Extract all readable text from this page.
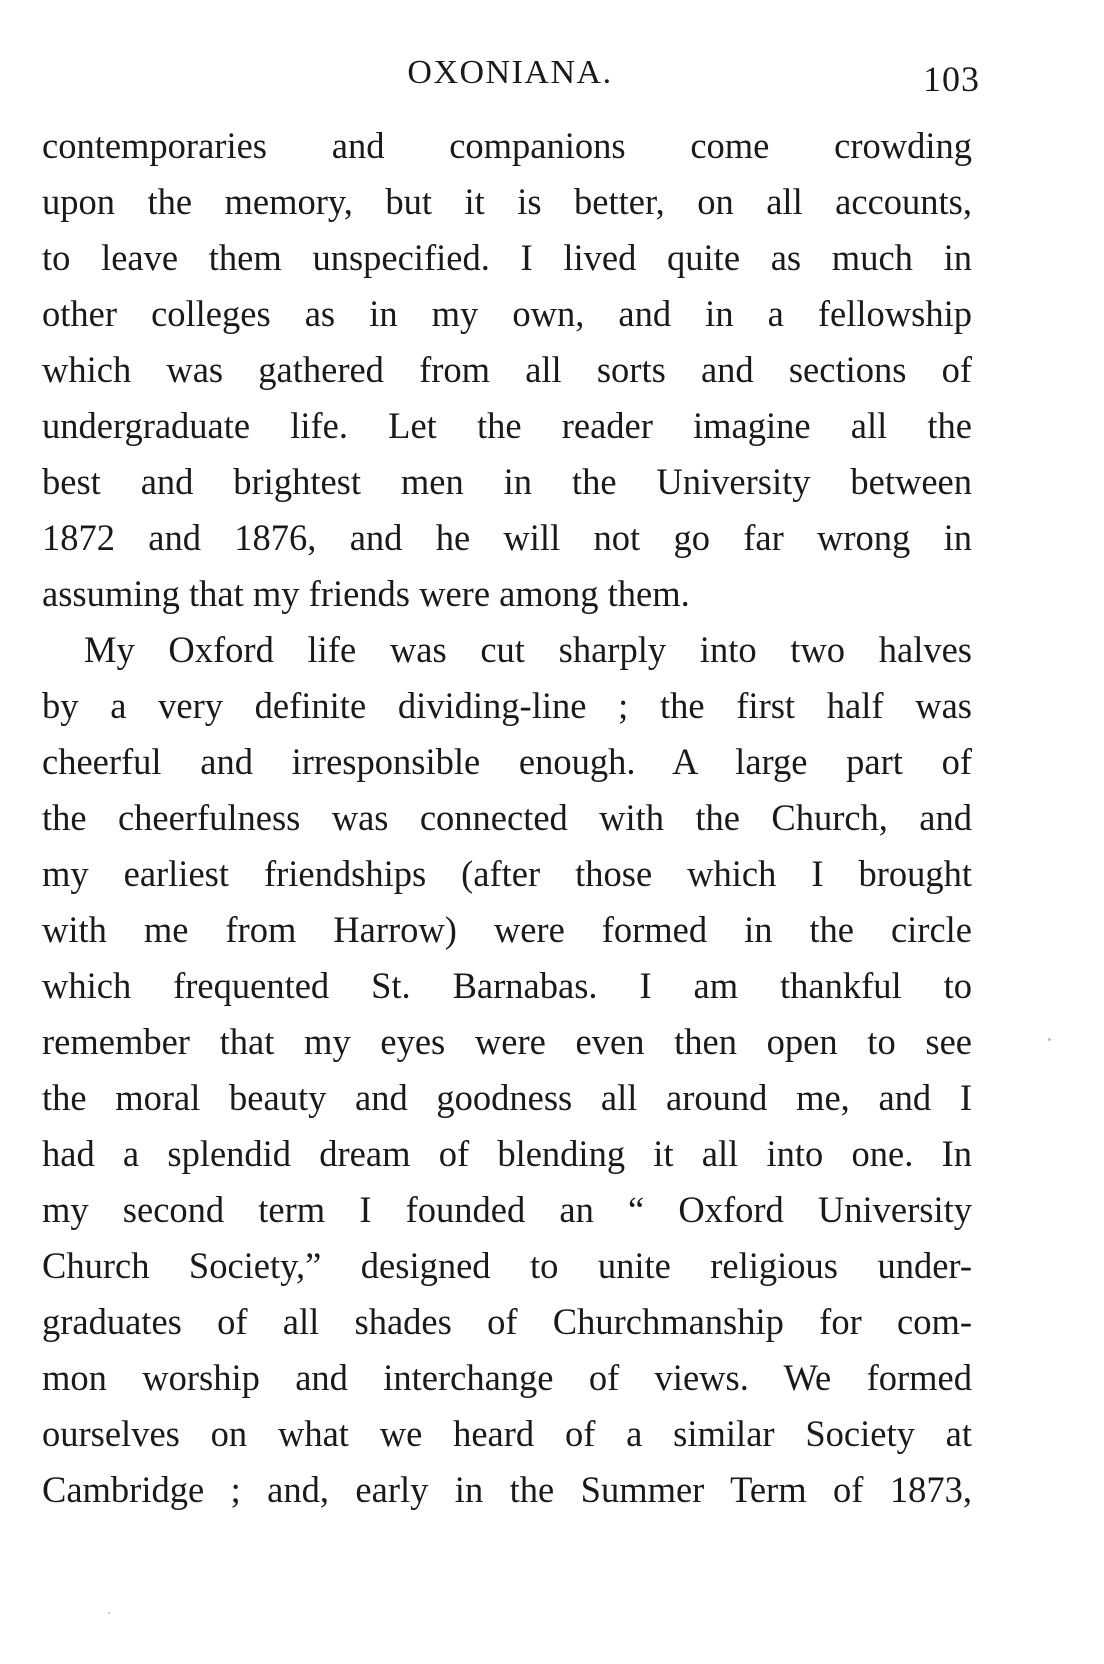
OXONIANA.	103
contemporaries and companions come crowding
upon the memory, but it is better, on all accounts,
to leave them unspecified. I lived quite as much in
other colleges as in my own, and in a fellowship
which was gathered from all sorts and sections of
undergraduate life. Let the reader imagine all the
best and brightest men in the University between
1872 and 1876, and he will not go far wrong in
assuming that my friends were among them.
My Oxford life was cut sharply into two halves
by a very definite dividing-line ; the first half was
cheerful and irresponsible enough. A large part of
the cheerfulness was connected with the Church, and
my earliest friendships (after those which I brought
with me from Harrow) were formed in the circle
which frequented St. Barnabas. I am thankful to
remember that my eyes were even then open to see
the moral beauty and goodness all around me, and I
had a splendid dream of blending it all into one. In
my second term I founded an “ Oxford University
Church Society,” designed to unite religious under-
graduates of all shades of Churchmanship for com-
mon worship and interchange of views. We formed
ourselves on what we heard of a similar Society at
Cambridge ; and, early in the Summer Term of 1873,
